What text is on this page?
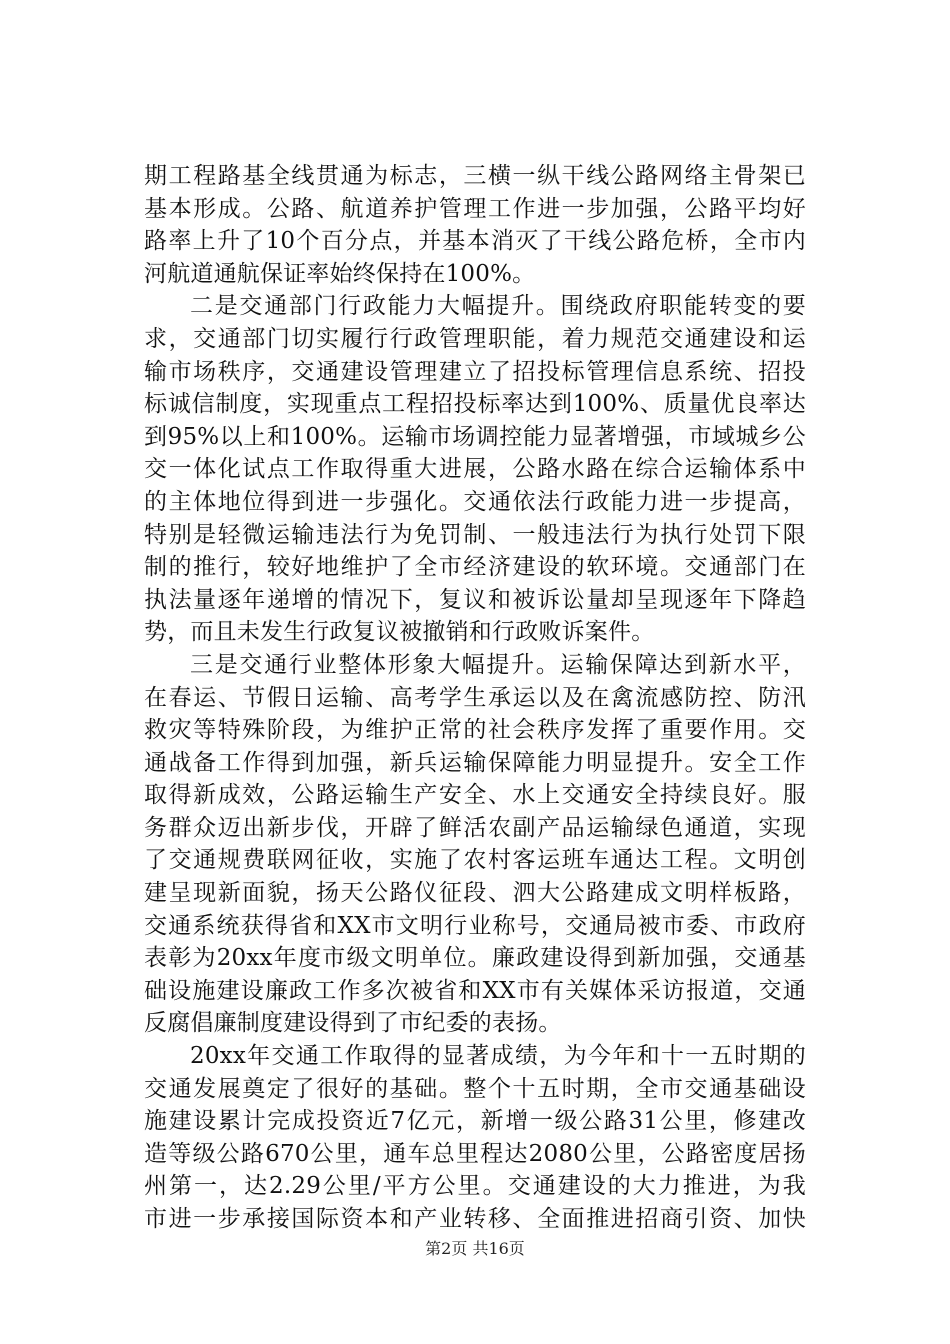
期工程路基全线贯通为标志，三横一纵干线公路网络主骨架已
基本形成。公路、航道养护管理工作进一步加强，公路平均好
路率上升了10个百分点，并基本消灭了干线公路危桥，全市内
河航道通航保证率始终保持在100%。
二是交通部门行政能力大幅提升。围绕政府职能转变的要
求，交通部门切实履行行政管理职能，着力规范交通建设和运
输市场秩序，交通建设管理建立了招投标管理信息系统、招投
标诚信制度，实现重点工程招投标率达到100%、质量优良率达
到95%以上和100%。运输市场调控能力显著增强，市域城乡公
交一体化试点工作取得重大进展，公路水路在综合运输体系中
的主体地位得到进一步强化。交通依法行政能力进一步提高，
特别是轻微运输违法行为免罚制、一般违法行为执行处罚下限
制的推行，较好地维护了全市经济建设的软环境。交通部门在
执法量逐年递增的情况下，复议和被诉讼量却呈现逐年下降趋
势，而且未发生行政复议被撤销和行政败诉案件。
三是交通行业整体形象大幅提升。运输保障达到新水平，
在春运、节假日运输、高考学生承运以及在禽流感防控、防汛
救灾等特殊阶段，为维护正常的社会秩序发挥了重要作用。交
通战备工作得到加强，新兵运输保障能力明显提升。安全工作
取得新成效，公路运输生产安全、水上交通安全持续良好。服
务群众迈出新步伐，开辟了鲜活农副产品运输绿色通道，实现
了交通规费联网征收，实施了农村客运班车通达工程。文明创
建呈现新面貌，扬天公路仪征段、泗大公路建成文明样板路，
交通系统获得省和XX市文明行业称号，交通局被市委、市政府
表彰为20xx年度市级文明单位。廉政建设得到新加强，交通基
础设施建设廉政工作多次被省和XX市有关媒体采访报道，交通
反腐倡廉制度建设得到了市纪委的表扬。
20xx年交通工作取得的显著成绩，为今年和十一五时期的
交通发展奠定了很好的基础。整个十五时期，全市交通基础设
施建设累计完成投资近7亿元，新增一级公路31公里，修建改
造等级公路670公里，通车总里程达2080公里，公路密度居扬
州第一，达2.29公里/平方公里。交通建设的大力推进，为我
市进一步承接国际资本和产业转移、全面推进招商引资、加快
第2页 共16页
